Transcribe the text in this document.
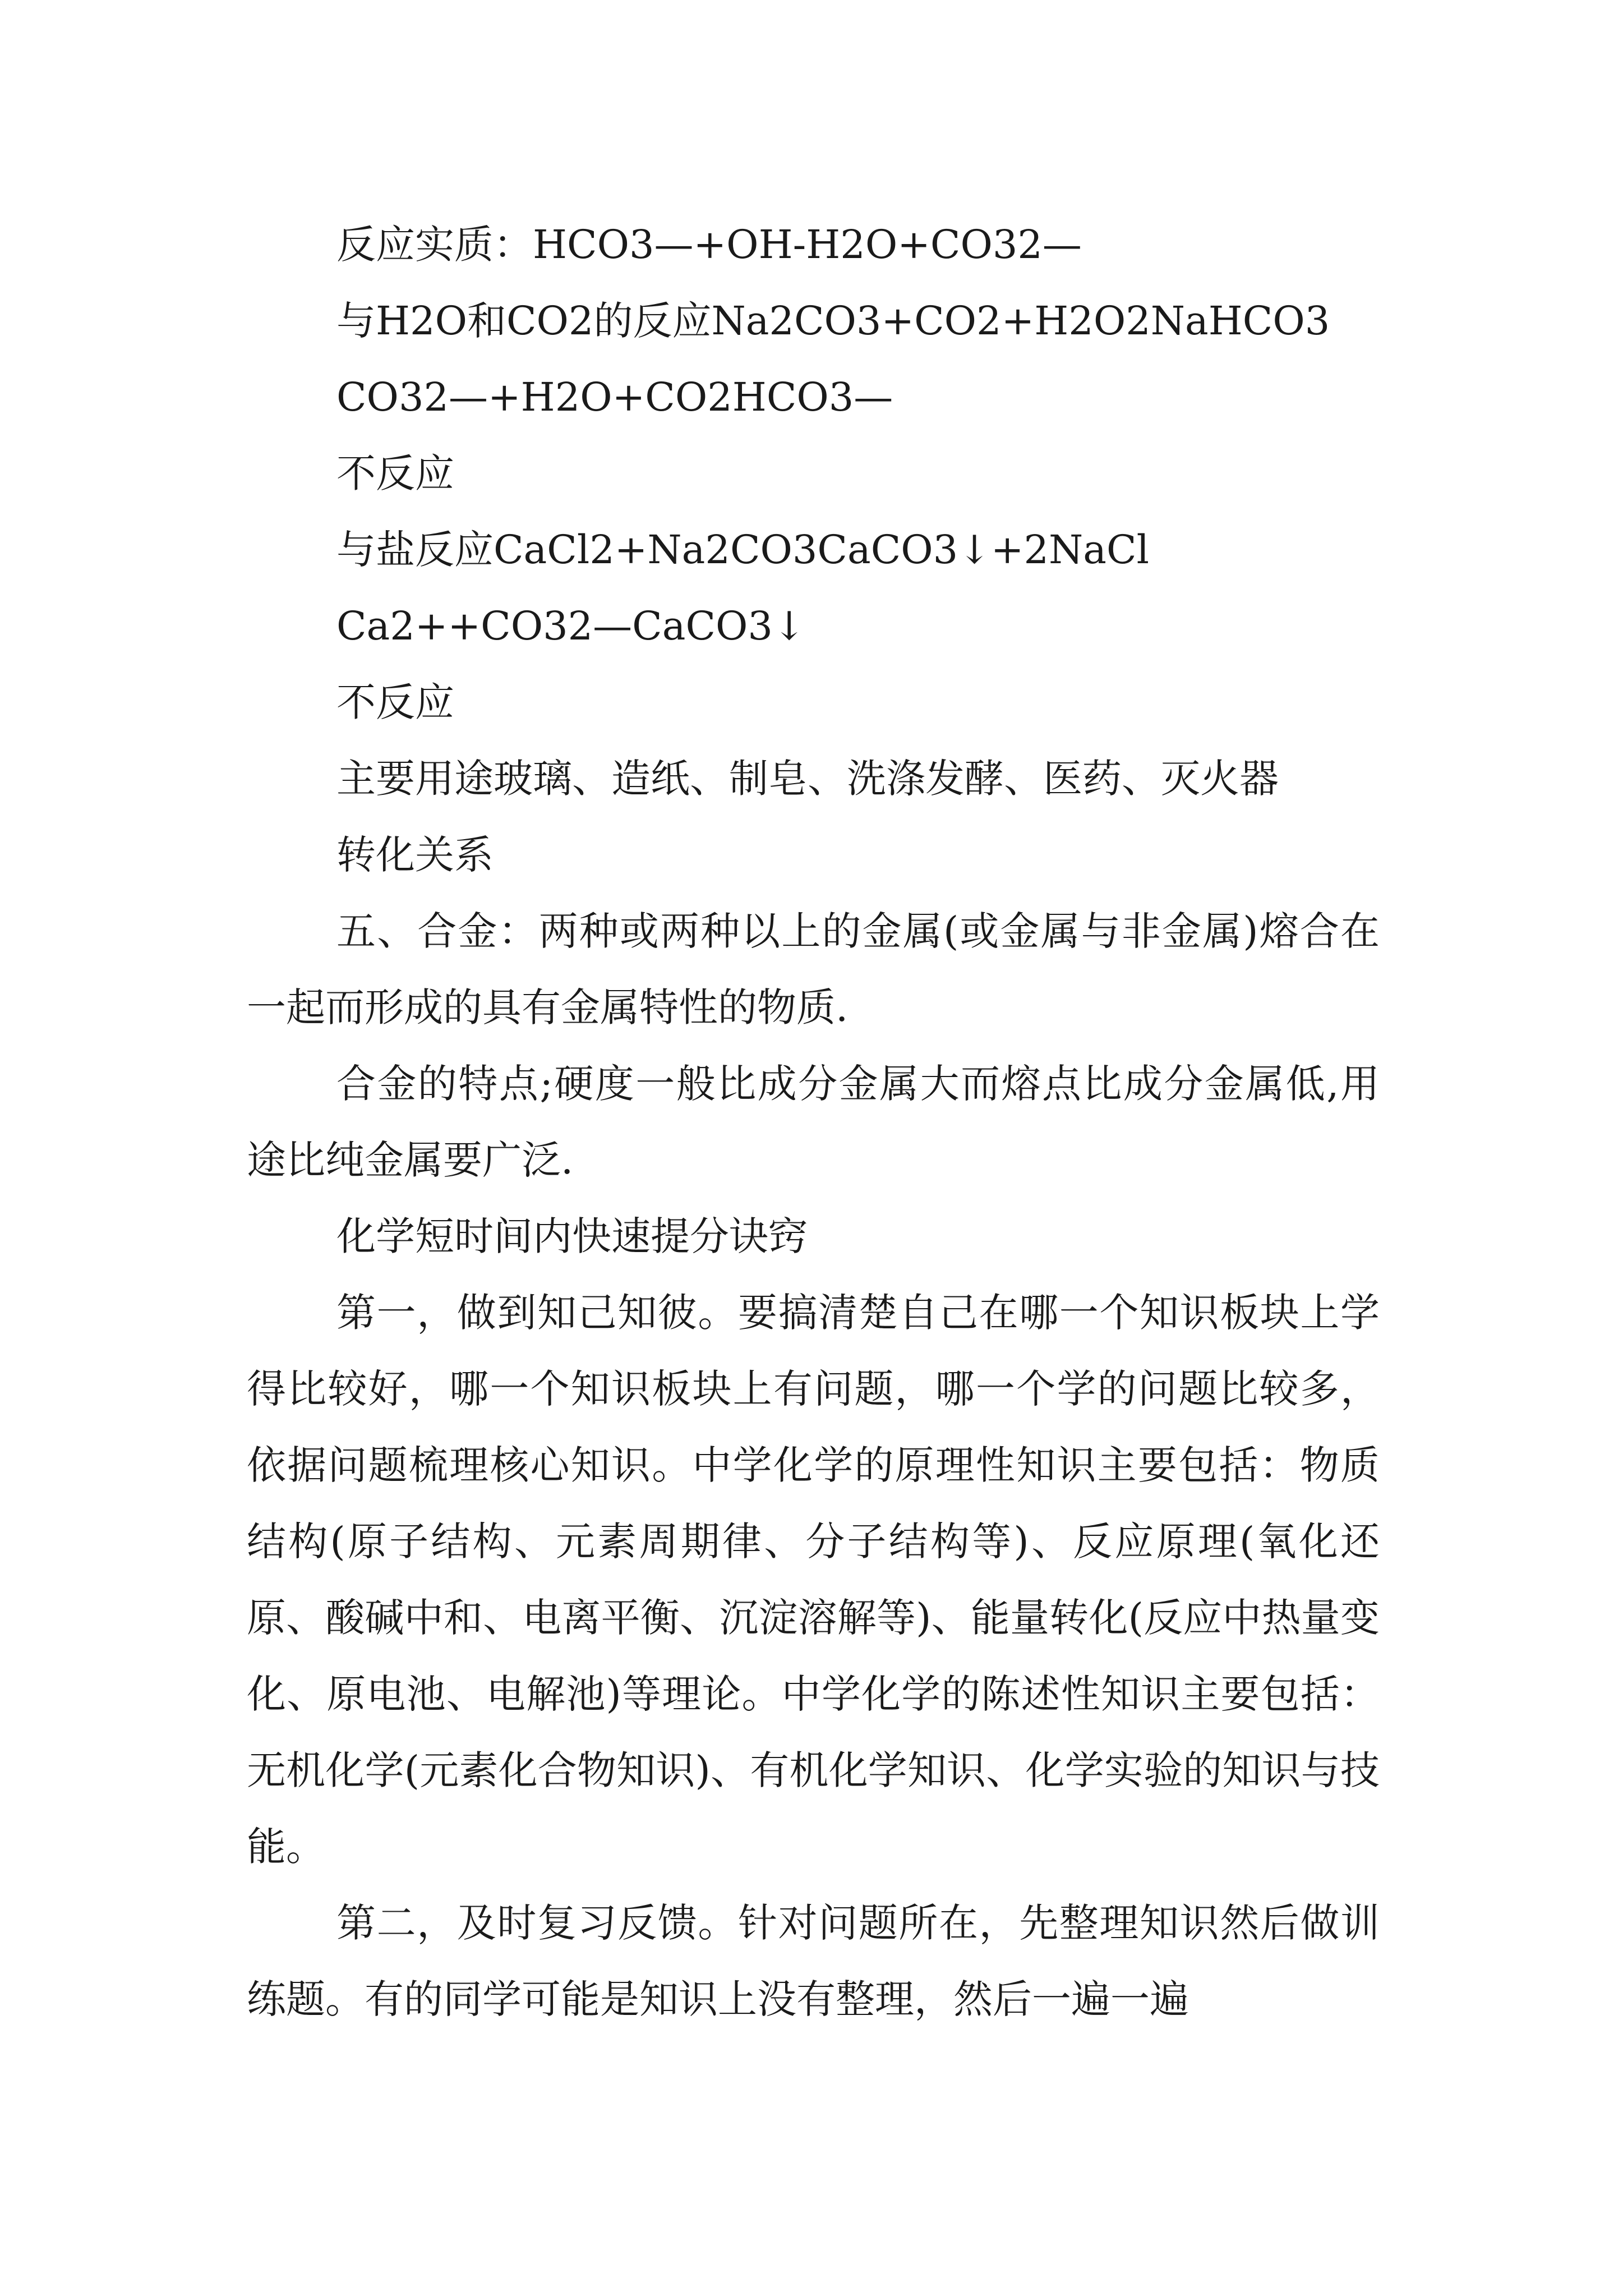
反应实质：HCO3—+OH-H2O+CO32—

与H2O和CO2的反应Na2CO3+CO2+H2O2NaHCO3

CO32—+H2O+CO2HCO3—

不反应

与盐反应CaCl2+Na2CO3CaCO3↓+2NaCl

Ca2++CO32—CaCO3↓

不反应

主要用途玻璃、造纸、制皂、洗涤发酵、医药、灭火器

转化关系

五、合金：两种或两种以上的金属(或金属与非金属)熔合在一起而形成的具有金属特性的物质.

合金的特点;硬度一般比成分金属大而熔点比成分金属低,用途比纯金属要广泛.

化学短时间内快速提分诀窍

第一，做到知己知彼。要搞清楚自己在哪一个知识板块上学得比较好，哪一个知识板块上有问题，哪一个学的问题比较多，依据问题梳理核心知识。中学化学的原理性知识主要包括：物质结构(原子结构、元素周期律、分子结构等)、反应原理(氧化还原、酸碱中和、电离平衡、沉淀溶解等)、能量转化(反应中热量变化、原电池、电解池)等理论。中学化学的陈述性知识主要包括：无机化学(元素化合物知识)、有机化学知识、化学实验的知识与技能。

第二，及时复习反馈。针对问题所在，先整理知识然后做训练题。有的同学可能是知识上没有整理，然后一遍一遍
